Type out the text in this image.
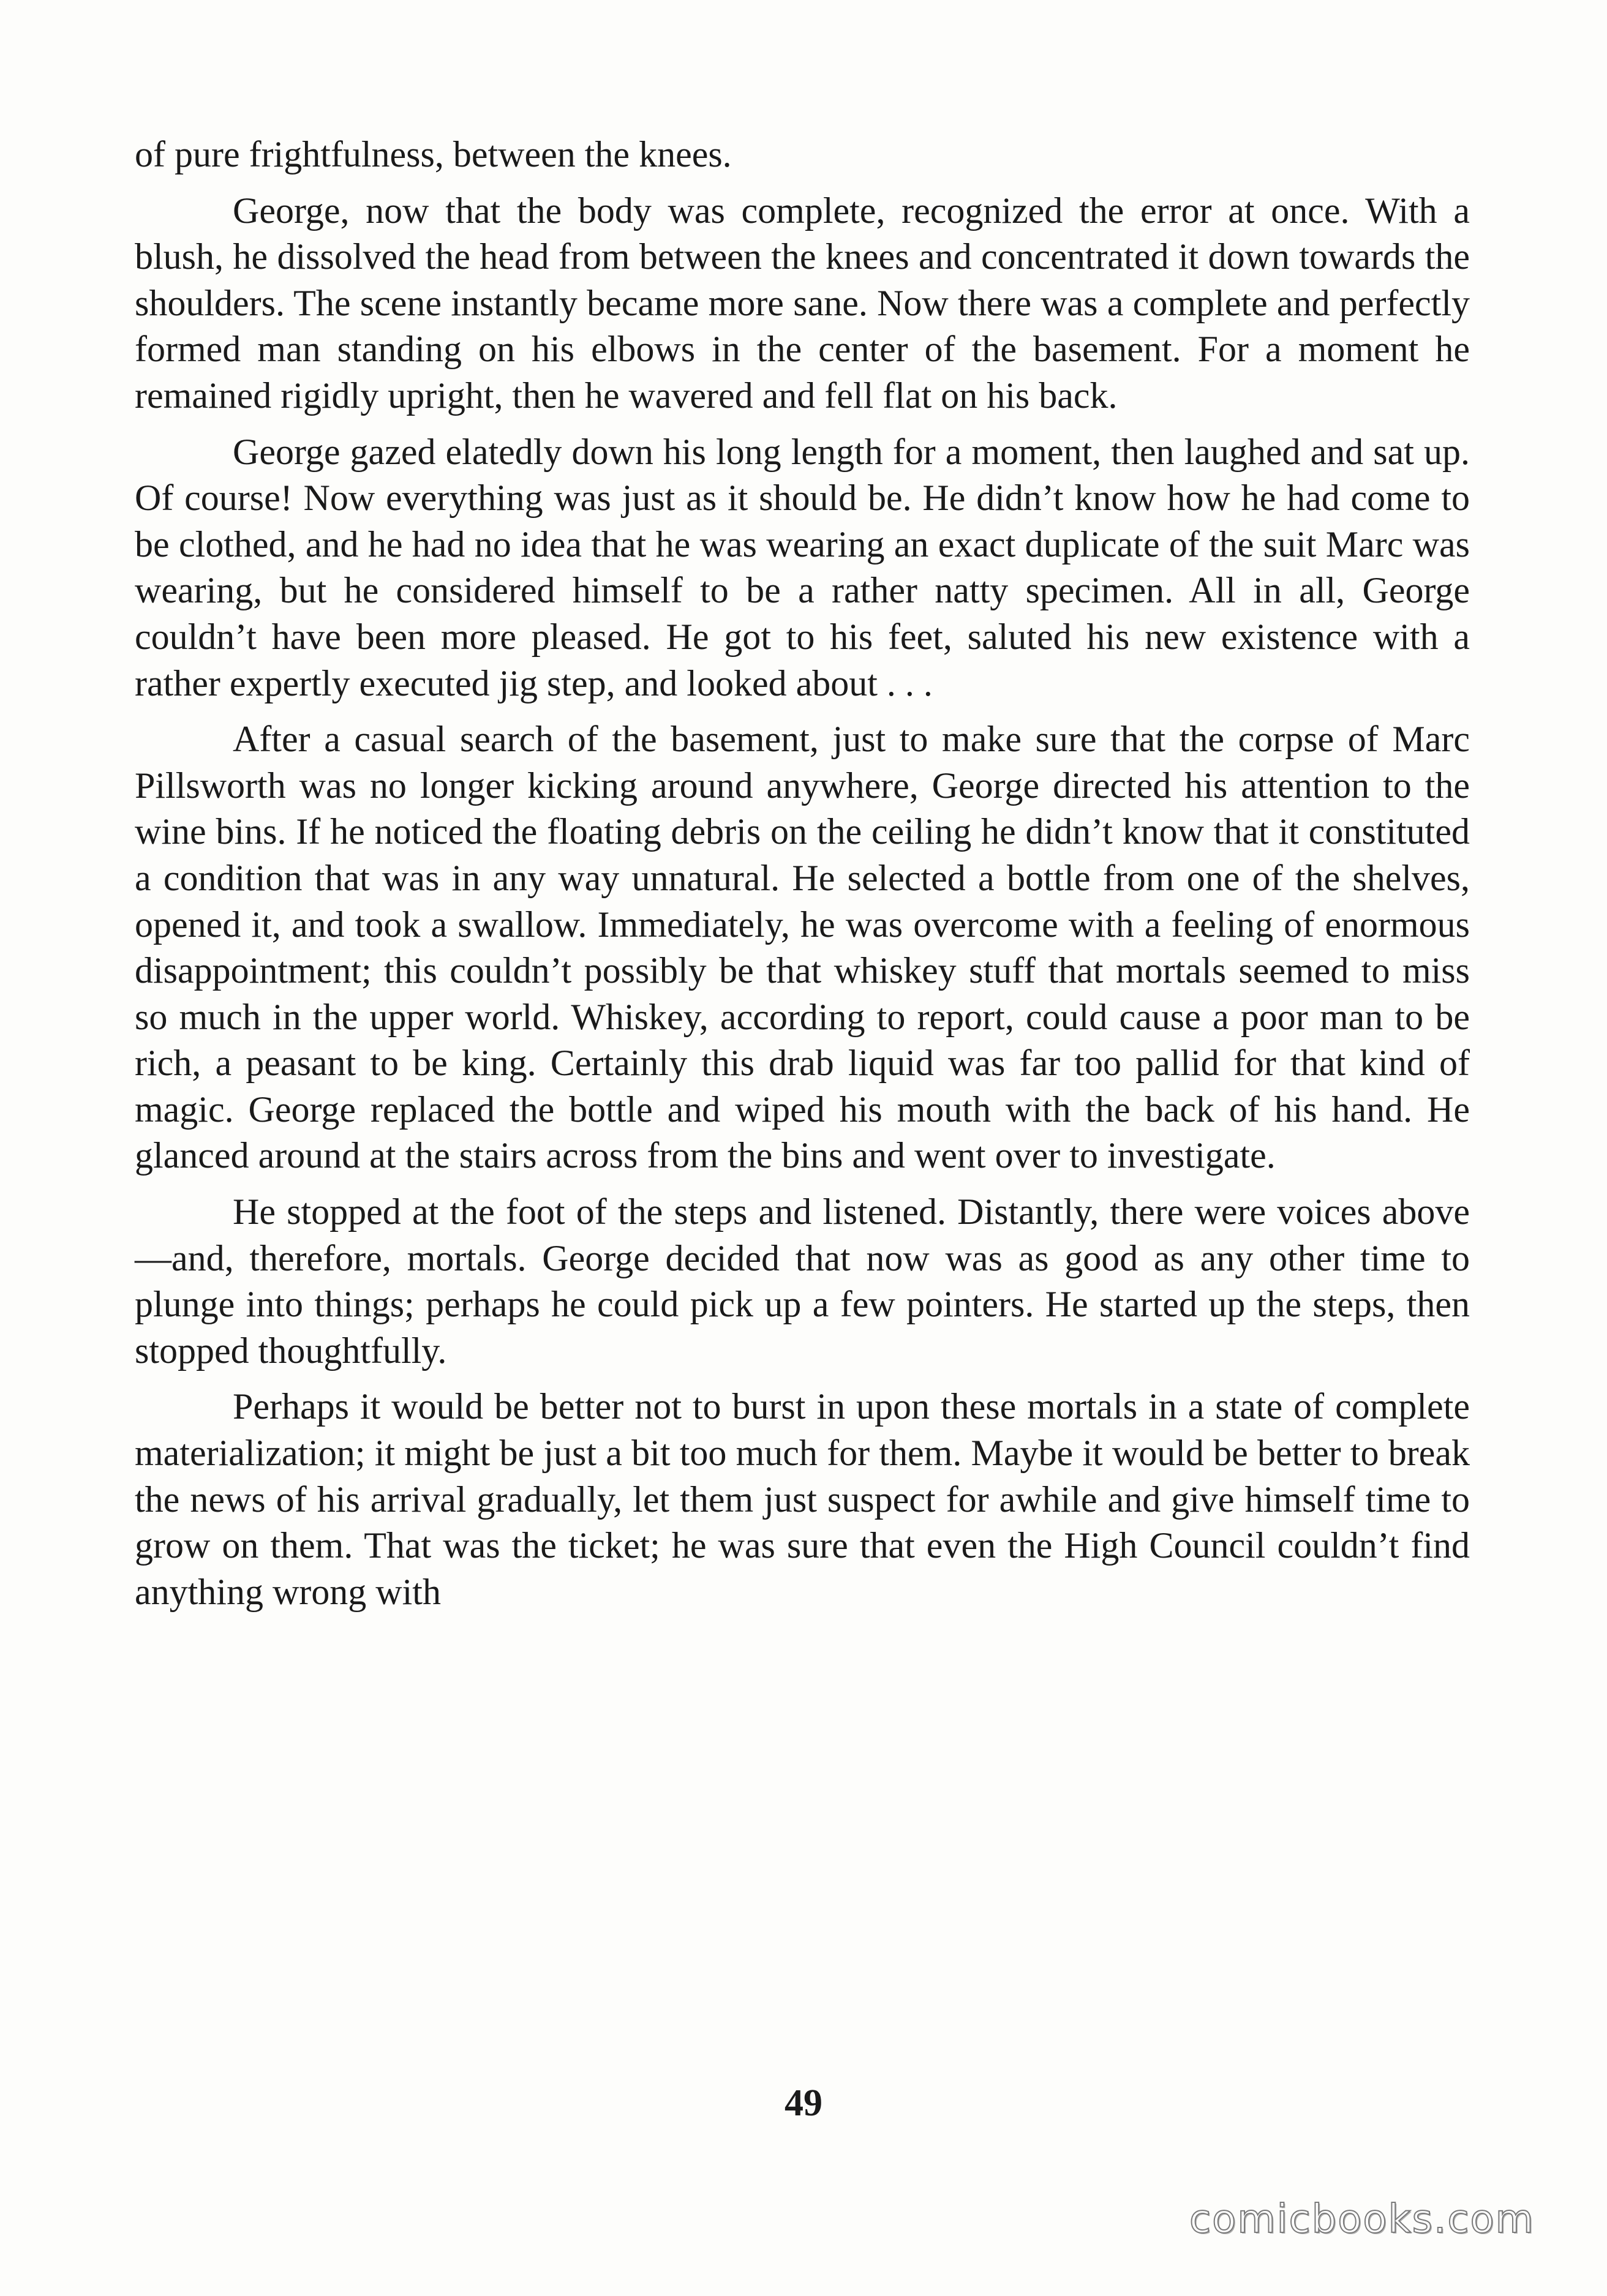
of pure frightfulness, between the knees.

George, now that the body was complete, recognized the error at once. With a blush, he dissolved the head from between the knees and concentrated it down towards the shoulders. The scene instantly became more sane. Now there was a complete and perfectly formed man standing on his elbows in the center of the basement. For a moment he remained rigidly upright, then he wavered and fell flat on his back.

George gazed elatedly down his long length for a moment, then laughed and sat up. Of course! Now everything was just as it should be. He didn’t know how he had come to be clothed, and he had no idea that he was wearing an exact duplicate of the suit Marc was wearing, but he considered himself to be a rather natty specimen. All in all, George couldn’t have been more pleased. He got to his feet, saluted his new existence with a rather expertly executed jig step, and looked about . . .

After a casual search of the basement, just to make sure that the corpse of Marc Pillsworth was no longer kicking around anywhere, George directed his attention to the wine bins. If he noticed the floating debris on the ceiling he didn’t know that it constituted a condition that was in any way unnatural. He selected a bottle from one of the shelves, opened it, and took a swallow. Immediately, he was overcome with a feeling of enormous disappointment; this couldn’t possibly be that whiskey stuff that mortals seemed to miss so much in the upper world. Whiskey, according to report, could cause a poor man to be rich, a peasant to be king. Certainly this drab liquid was far too pallid for that kind of magic. George replaced the bottle and wiped his mouth with the back of his hand. He glanced around at the stairs across from the bins and went over to investigate.

He stopped at the foot of the steps and listened. Distantly, there were voices above—and, therefore, mortals. George decided that now was as good as any other time to plunge into things; perhaps he could pick up a few pointers. He started up the steps, then stopped thoughtfully.

Perhaps it would be better not to burst in upon these mortals in a state of complete materialization; it might be just a bit too much for them. Maybe it would be better to break the news of his arrival gradually, let them just suspect for awhile and give himself time to grow on them. That was the ticket; he was sure that even the High Council couldn’t find anything wrong with

49
comicbooks.com
